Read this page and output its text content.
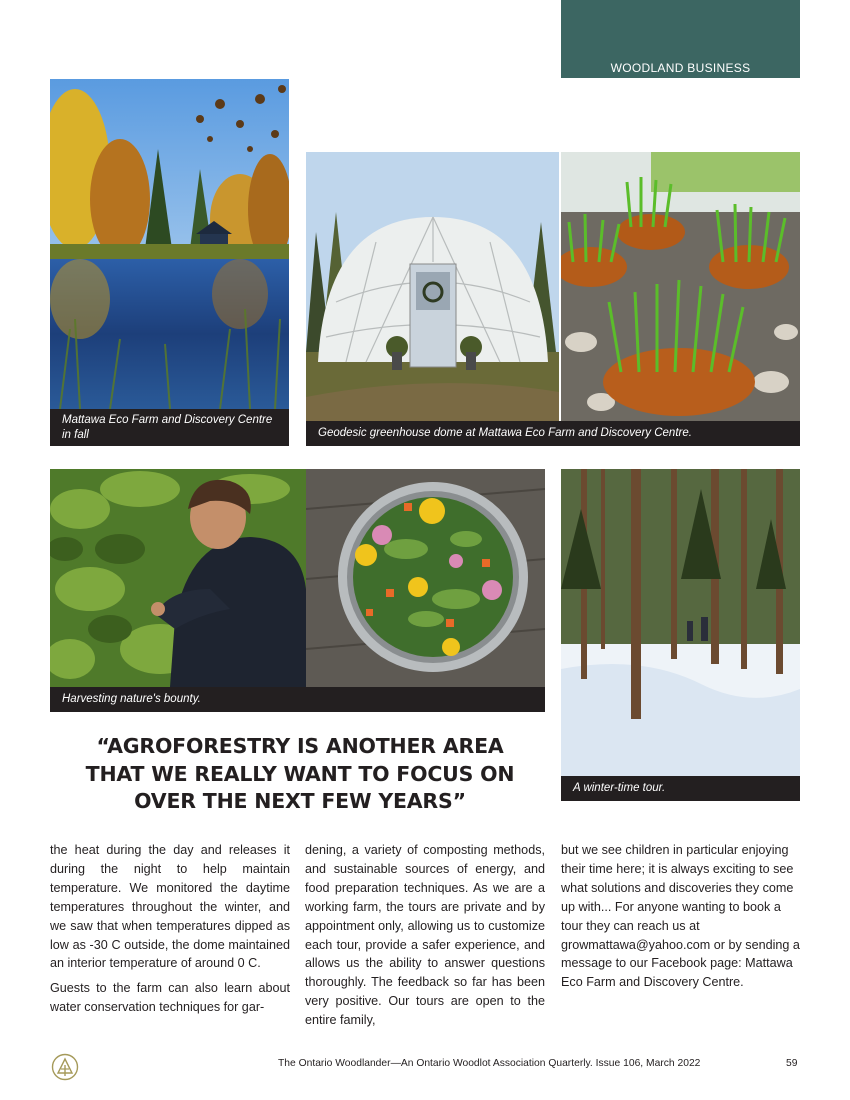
WOODLAND BUSINESS
Mattawa Eco Farm and Discovery Centre in fall	Geodesic greenhouse dome at Mattawa Eco Farm and Discovery Centre.
Harvesting nature's bounty.
A winter-time tour.
“AGROFORESTRY IS ANOTHER AREA
THAT WE REALLY WANT TO FOCUS ON
OVER THE NEXT FEW YEARS”

the heat during the day and releases it during the night to help maintain temperature. We monitored the daytime temperatures throughout the winter, and we saw that when temperatures dipped as low as -30 C outside, the dome maintained an interior temperature of around 0 C.

Guests to the farm can also learn about water conservation techniques for gar-

dening, a variety of composting methods, and sustainable sources of energy, and food preparation techniques. As we are a working farm, the tours are private and by appointment only, allowing us to customize each tour, provide a safer experience, and allows us the ability to answer questions thoroughly. The feedback so far has been very positive. Our tours are open to the entire family,

but we see children in particular enjoying their time here; it is always exciting to see what solutions and discoveries they come up with... For anyone wanting to book a tour they can reach us at growmattawa@yahoo.com or by sending a message to our Facebook page: Mattawa Eco Farm and Discovery Centre.

The Ontario Woodlander—An Ontario Woodlot Association Quarterly. Issue 106, March 2022	59
